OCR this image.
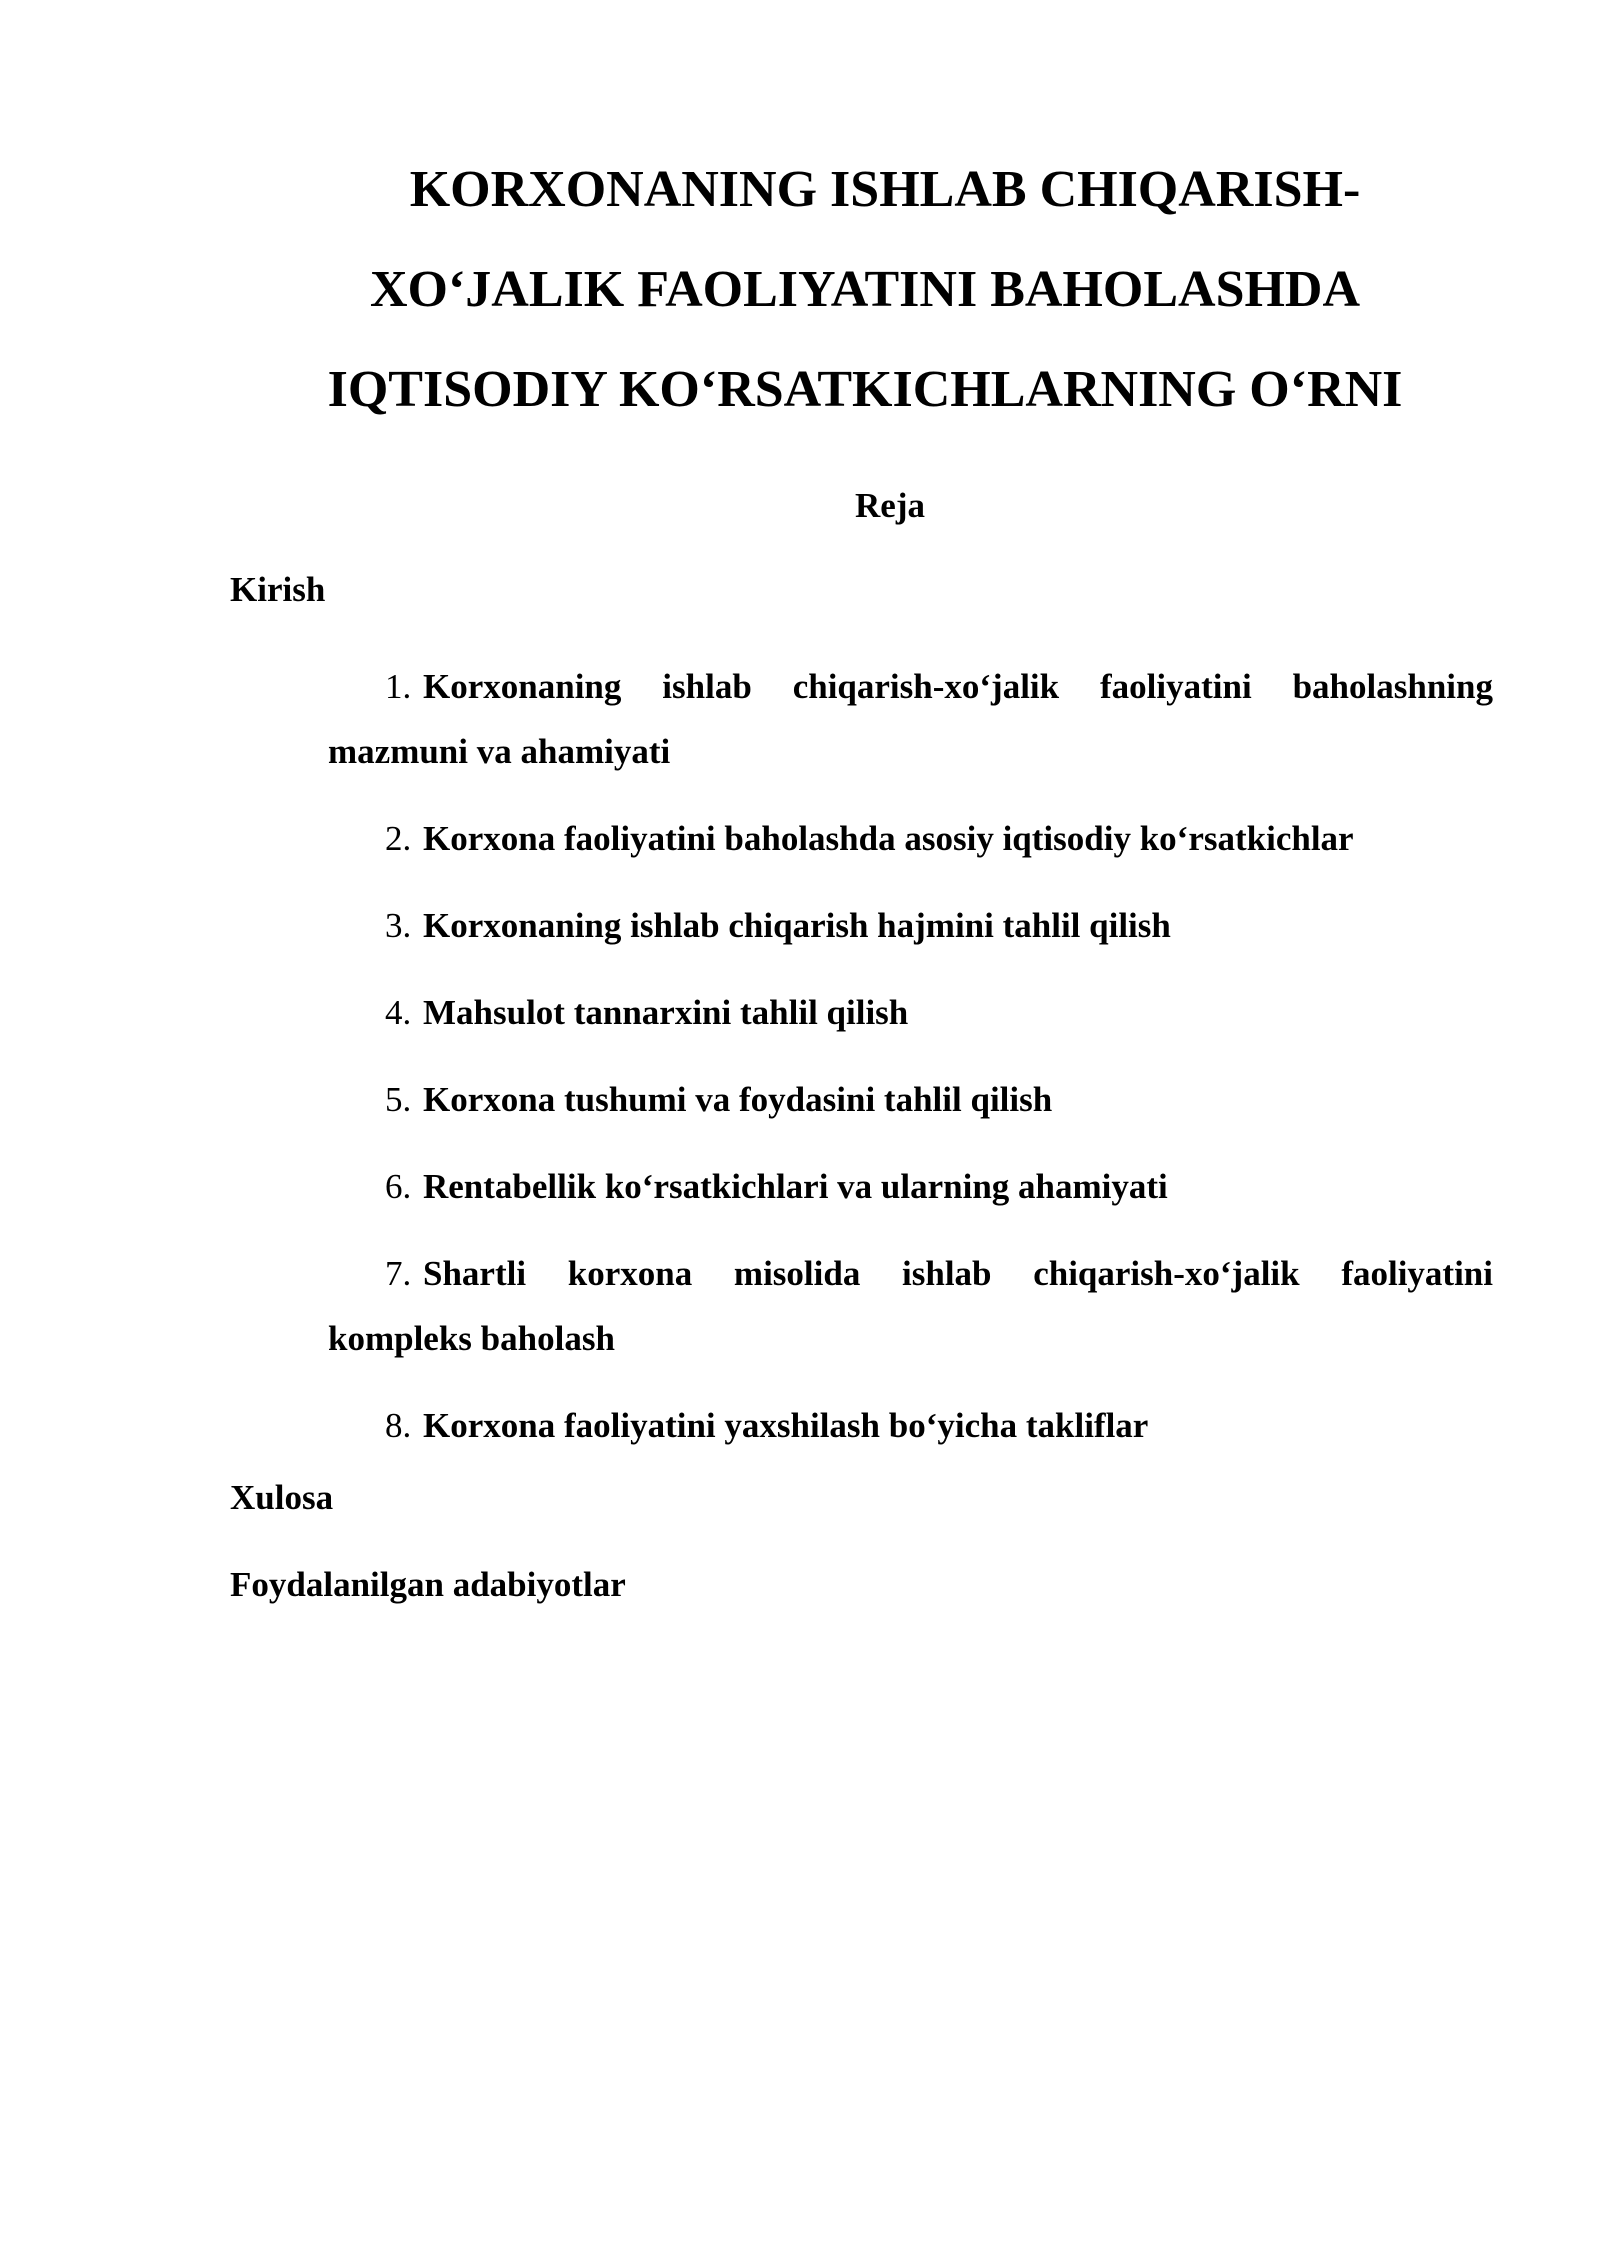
KORXONANING ISHLAB CHIQARISH-
XO‘JALIK FAOLIYATINI BAHOLASHDA
IQTISODIY KO‘RSATKICHLARNING O‘RNI
Reja
Kirish
1. Korxonaning ishlab chiqarish-xo‘jalik faoliyatini baholashning
mazmuni va ahamiyati
2. Korxona faoliyatini baholashda asosiy iqtisodiy ko‘rsatkichlar
3. Korxonaning ishlab chiqarish hajmini tahlil qilish
4. Mahsulot tannarxini tahlil qilish
5. Korxona tushumi va foydasini tahlil qilish
6. Rentabellik ko‘rsatkichlari va ularning ahamiyati
7. Shartli korxona misolida ishlab chiqarish-xo‘jalik faoliyatini
kompleks baholash
8. Korxona faoliyatini yaxshilash bo‘yicha takliflar
Xulosa
Foydalanilgan adabiyotlar
